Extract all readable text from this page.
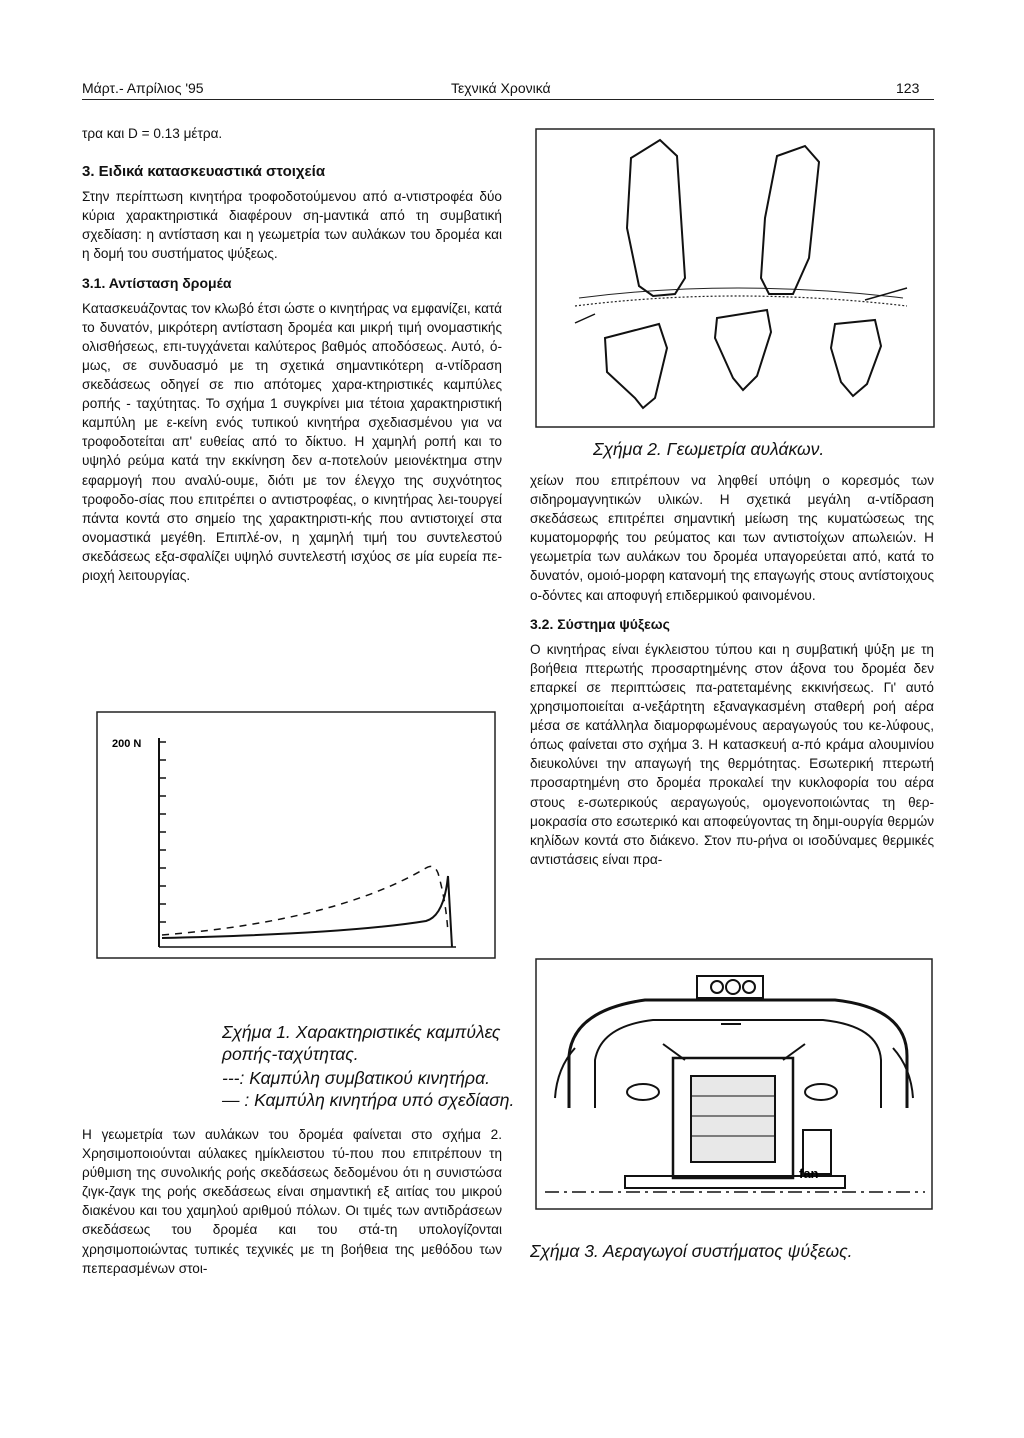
Μάρτ.- Απρίλιος '95	Τεχνικά Χρονικά	123

τρα και D = 0.13 μέτρα.

3. Ειδικά κατασκευαστικά στοιχεία

Στην περίπτωση κινητήρα τροφοδοτούμενου από α-ντιστροφέα δύο κύρια χαρακτηριστικά διαφέρουν ση-μαντικά από τη συμβατική σχεδίαση: η αντίσταση και η γεωμετρία των αυλάκων του δρομέα και η δομή του συστήματος ψύξεως.

3.1. Αντίσταση δρομέα

Κατασκευάζοντας τον κλωβό έτσι ώστε ο κινητήρας να εμφανίζει, κατά το δυνατόν, μικρότερη αντίσταση δρομέα και μικρή τιμή ονομαστικής ολισθήσεως, επι-τυγχάνεται καλύτερος βαθμός αποδόσεως. Αυτό, ό-μως, σε συνδυασμό με τη σχετικά σημαντικότερη α-ντίδραση σκεδάσεως οδηγεί σε πιο απότομες χαρα-κτηριστικές καμπύλες ροπής - ταχύτητας. Το σχήμα 1 συγκρίνει μια τέτοια χαρακτηριστική καμπύλη με ε-κείνη ενός τυπικού κινητήρα σχεδιασμένου για να τροφοδοτείται απ' ευθείας από το δίκτυο. Η χαμηλή ροπή και το υψηλό ρεύμα κατά την εκκίνηση δεν α-ποτελούν μειονέκτημα στην εφαρμογή που αναλύ-ουμε, διότι με τον έλεγχο της συχνότητος τροφοδο-σίας που επιτρέπει ο αντιστροφέας, ο κινητήρας λει-τουργεί πάντα κοντά στο σημείο της χαρακτηριστι-κής που αντιστοιχεί στα ονομαστικά μεγέθη. Επιπλέ-ον, η χαμηλή τιμή του συντελεστού σκεδάσεως εξα-σφαλίζει υψηλό συντελεστή ισχύος σε μία ευρεία πε-ριοχή λειτουργίας.

200 N
Σχήμα 1. Χαρακτηριστικές καμπύλες ροπής-ταχύτητας.
---: Καμπύλη συμβατικού κινητήρα.
— : Καμπύλη κινητήρα υπό σχεδίαση.

Η γεωμετρία των αυλάκων του δρομέα φαίνεται στο σχήμα 2. Χρησιμοποιούνται αύλακες ημίκλειστου τύ-που που επιτρέπουν τη ρύθμιση της συνολικής ροής σκεδάσεως δεδομένου ότι η συνιστώσα ζιγκ-ζαγκ της ροής σκεδάσεως είναι σημαντική εξ αιτίας του μικρού διακένου και του χαμηλού αριθμού πόλων. Οι τιμές των αντιδράσεων σκεδάσεως του δρομέα και του στά-τη υπολογίζονται χρησιμοποιώντας τυπικές τεχνικές με τη βοήθεια της μεθόδου των πεπερασμένων στοι-

Σχήμα 2. Γεωμετρία αυλάκων.

χείων που επιτρέπουν να ληφθεί υπόψη ο κορεσμός των σιδηρομαγνητικών υλικών. Η σχετικά μεγάλη α-ντίδραση σκεδάσεως επιτρέπει σημαντική μείωση της κυματώσεως της κυματομορφής του ρεύματος και των αντιστοίχων απωλειών. Η γεωμετρία των αυλάκων του δρομέα υπαγορεύεται από, κατά το δυνατόν, ομοιό-μορφη κατανομή της επαγωγής στους αντίστοιχους ο-δόντες και αποφυγή επιδερμικού φαινομένου.

3.2. Σύστημα ψύξεως

Ο κινητήρας είναι έγκλειστου τύπου και η συμβατική ψύξη με τη βοήθεια πτερωτής προσαρτημένης στον άξονα του δρομέα δεν επαρκεί σε περιπτώσεις πα-ρατεταμένης εκκινήσεως. Γι' αυτό χρησιμοποιείται α-νεξάρτητη εξαναγκασμένη σταθερή ροή αέρα μέσα σε κατάλληλα διαμορφωμένους αεραγωγούς του κε-λύφους, όπως φαίνεται στο σχήμα 3. Η κατασκευή α-πό κράμα αλουμινίου διευκολύνει την απαγωγή της θερμότητας. Εσωτερική πτερωτή προσαρτημένη στο δρομέα προκαλεί την κυκλοφορία του αέρα στους ε-σωτερικούς αεραγωγούς, ομογενοποιώντας τη θερ-μοκρασία στο εσωτερικό και αποφεύγοντας τη δημι-ουργία θερμών κηλίδων κοντά στο διάκενο. Στον πυ-ρήνα οι ισοδύναμες θερμικές αντιστάσεις είναι πρα-

fan
Σχήμα 3. Αεραγωγοί συστήματος ψύξεως.
